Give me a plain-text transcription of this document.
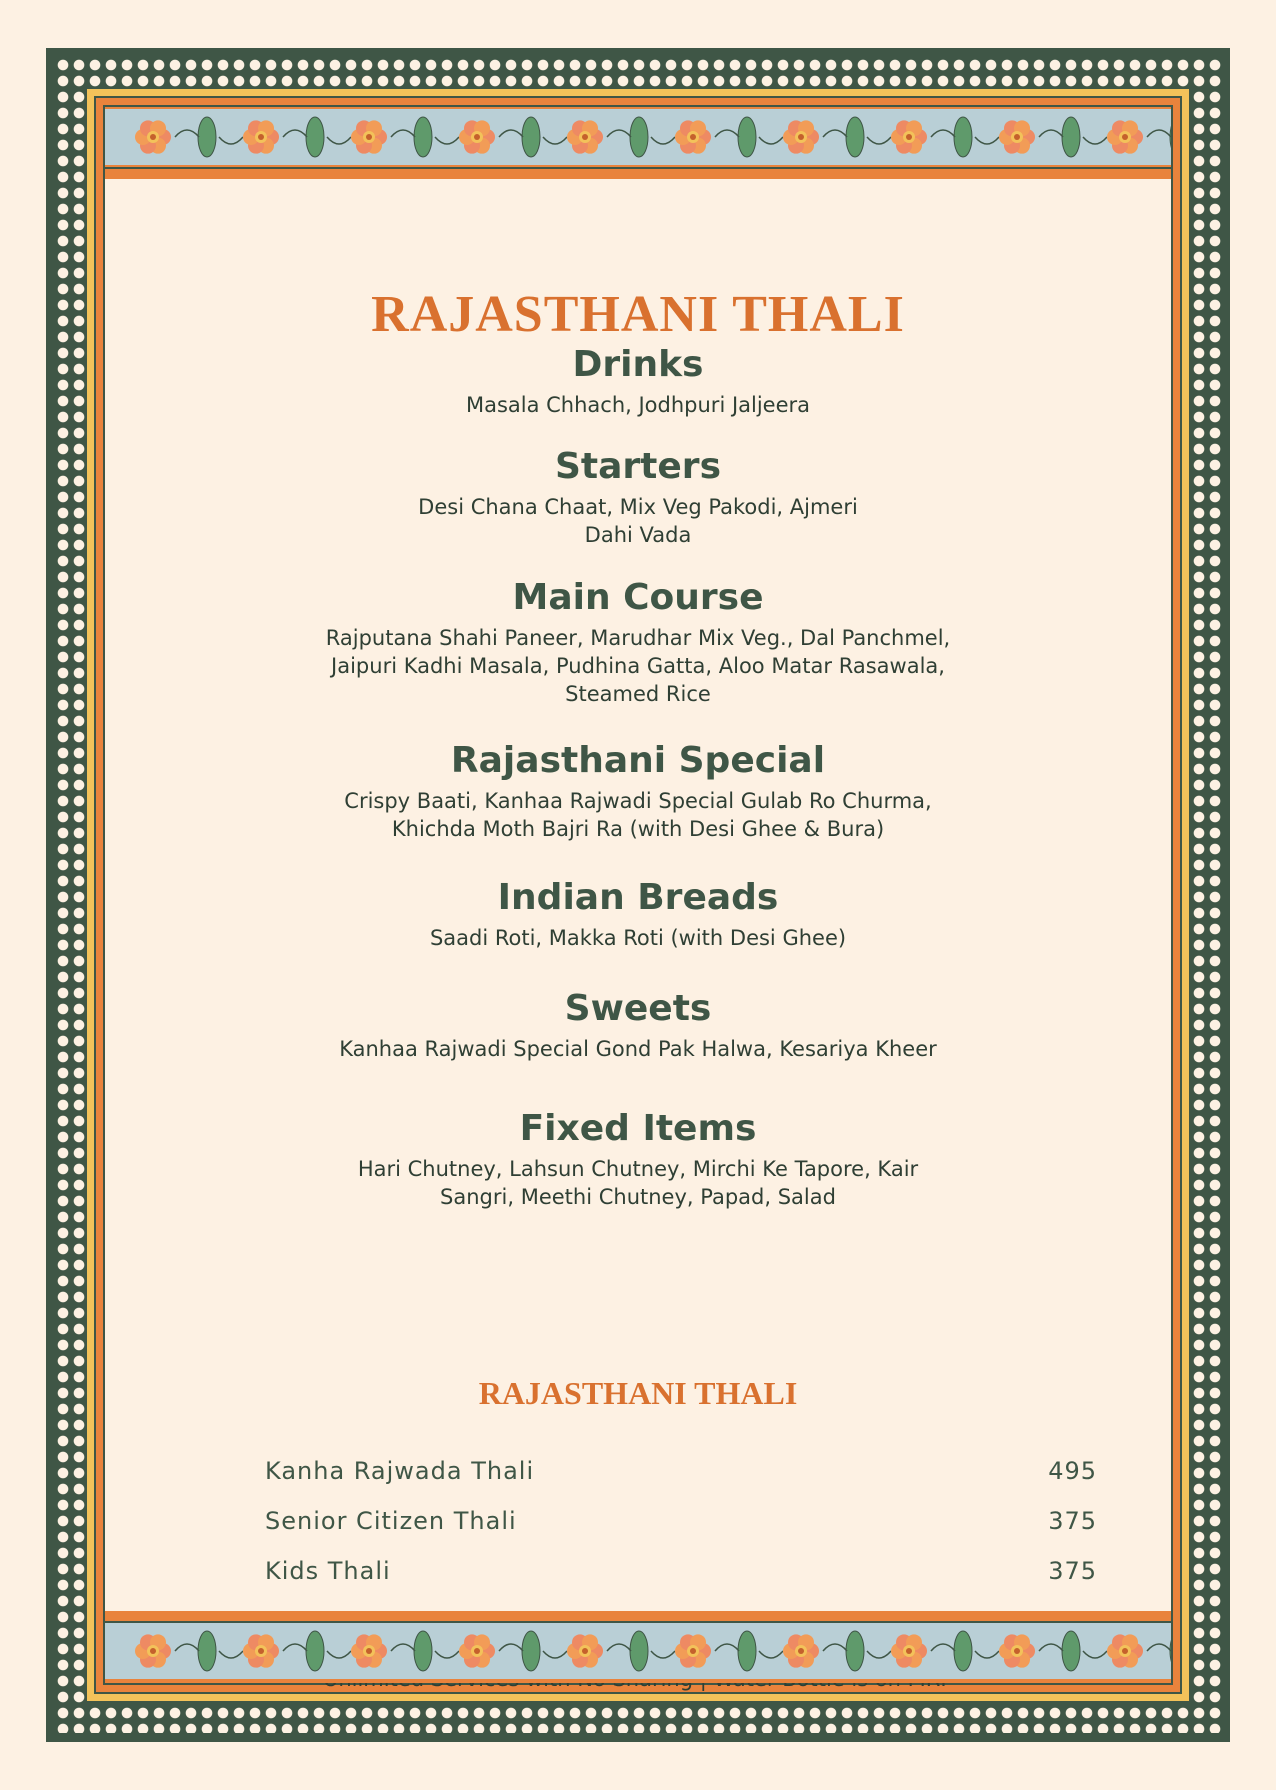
RAJASTHANI THALI
Drinks

Masala Chhach, Jodhpuri Jaljeera

Starters

Desi Chana Chaat, Mix Veg Pakodi, Ajmeri
Dahi Vada

Main Course

Rajputana Shahi Paneer, Marudhar Mix Veg., Dal Panchmel,
Jaipuri Kadhi Masala, Pudhina Gatta, Aloo Matar Rasawala,
Steamed Rice

Rajasthani Special

Crispy Baati, Kanhaa Rajwadi Special Gulab Ro Churma,
Khichda Moth Bajri Ra (with Desi Ghee & Bura)

Indian Breads

Saadi Roti, Makka Roti (with Desi Ghee)

Sweets

Kanhaa Rajwadi Special Gond Pak Halwa, Kesariya Kheer

Fixed Items

Hari Chutney, Lahsun Chutney, Mirchi Ke Tapore, Kair
Sangri, Meethi Chutney, Papad, Salad

RAJASTHANI THALI
Kanha Rajwada Thali	495
Senior Citizen Thali	375
Kids Thali	375
